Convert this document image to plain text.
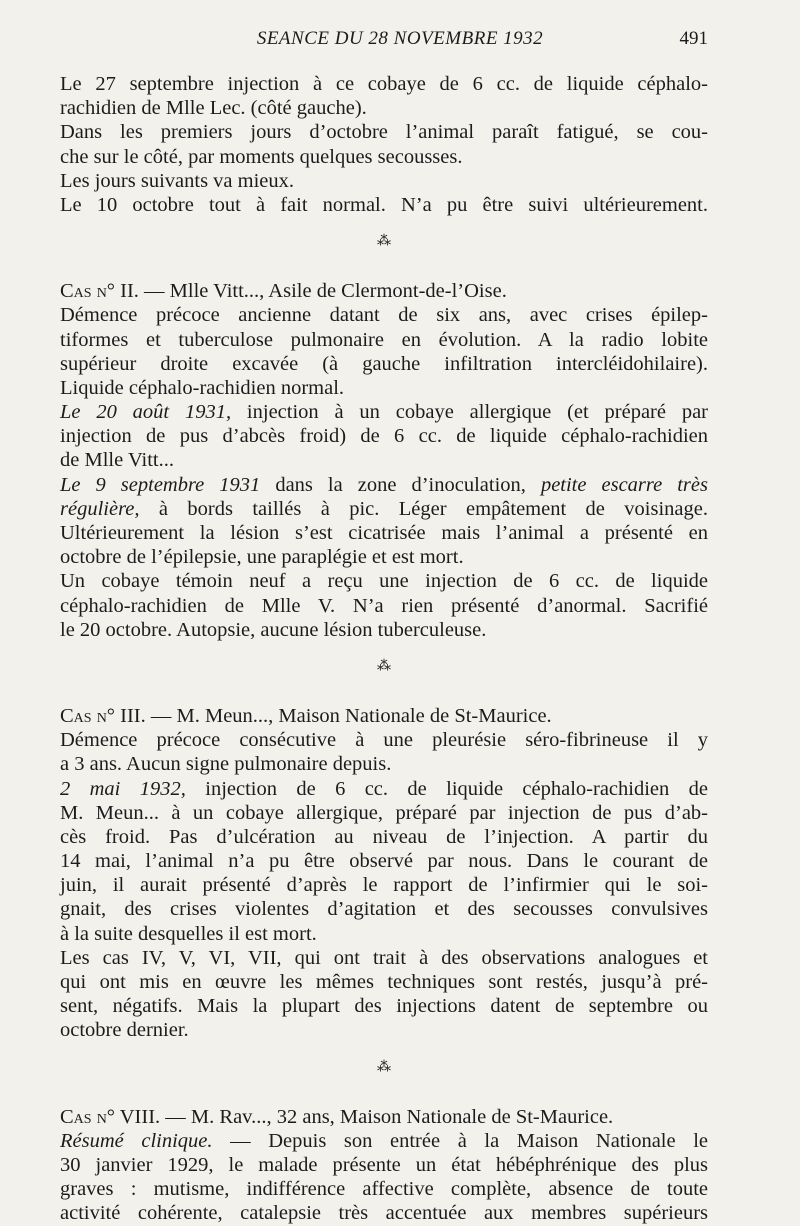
SEANCE DU 28 NOVEMBRE 1932	491
Le 27 septembre injection à ce cobaye de 6 cc. de liquide céphalo-
rachidien de Mlle Lec. (côté gauche).
Dans les premiers jours d’octobre l’animal paraît fatigué, se cou-
che sur le côté, par moments quelques secousses.
Les jours suivants va mieux.
Le 10 octobre tout à fait normal. N’a pu être suivi ultérieurement.
⁂
Cas n° II. — Mlle Vitt..., Asile de Clermont-de-l’Oise.
Démence précoce ancienne datant de six ans, avec crises épilep-
tiformes et tuberculose pulmonaire en évolution. A la radio lobite
supérieur droite excavée (à gauche infiltration intercléidohilaire).
Liquide céphalo-rachidien normal.
Le 20 août 1931, injection à un cobaye allergique (et préparé par
injection de pus d’abcès froid) de 6 cc. de liquide céphalo-rachidien
de Mlle Vitt...
Le 9 septembre 1931 dans la zone d’inoculation, petite escarre très
régulière, à bords taillés à pic. Léger empâtement de voisinage.
Ultérieurement la lésion s’est cicatrisée mais l’animal a présenté en
octobre de l’épilepsie, une paraplégie et est mort.
Un cobaye témoin neuf a reçu une injection de 6 cc. de liquide
céphalo-rachidien de Mlle V. N’a rien présenté d’anormal. Sacrifié
le 20 octobre. Autopsie, aucune lésion tuberculeuse.
⁂
Cas n° III. — M. Meun..., Maison Nationale de St-Maurice.
Démence précoce consécutive à une pleurésie séro-fibrineuse il y
a 3 ans. Aucun signe pulmonaire depuis.
2 mai 1932, injection de 6 cc. de liquide céphalo-rachidien de
M. Meun... à un cobaye allergique, préparé par injection de pus d’ab-
cès froid. Pas d’ulcération au niveau de l’injection. A partir du
14 mai, l’animal n’a pu être observé par nous. Dans le courant de
juin, il aurait présenté d’après le rapport de l’infirmier qui le soi-
gnait, des crises violentes d’agitation et des secousses convulsives
à la suite desquelles il est mort.
Les cas IV, V, VI, VII, qui ont trait à des observations analogues et
qui ont mis en œuvre les mêmes techniques sont restés, jusqu’à pré-
sent, négatifs. Mais la plupart des injections datent de septembre ou
octobre dernier.
⁂
Cas n° VIII. — M. Rav..., 32 ans, Maison Nationale de St-Maurice.
Résumé clinique. — Depuis son entrée à la Maison Nationale le
30 janvier 1929, le malade présente un état hébéphrénique des plus
graves : mutisme, indifférence affective complète, absence de toute
activité cohérente, catalepsie très accentuée aux membres supérieurs
